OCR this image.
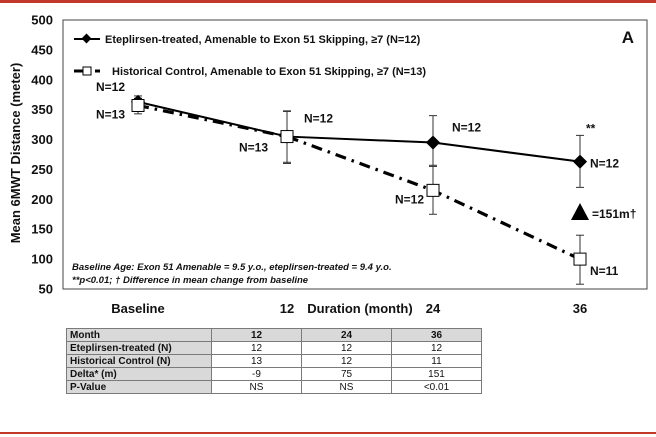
Eteplirsen-treated, Amenable to Exon 51 Skipping, ≥7 (N=12)
Historical Control, Amenable to Exon 51 Skipping, ≥7 (N=13)
A
Mean 6MWT Distance (meter)
Duration (month)
Baseline Age: Exon 51 Amenable = 9.5 y.o., eteplirsen-treated = 9.4 y.o.
**p<0.01; † Difference in mean change from baseline
50
100
150
200
250
300
350
400
450
500
Baseline	12	24	36
N=12
N=12
N=12
N=12
N=13
N=13
N=12
N=11
**
=151m†
Month	12	24	36
Eteplirsen-treated (N)	12	12	12
Historical Control (N)	13	12	11
Delta* (m)	-9	75	151
P-Value	NS	NS	<0.01
